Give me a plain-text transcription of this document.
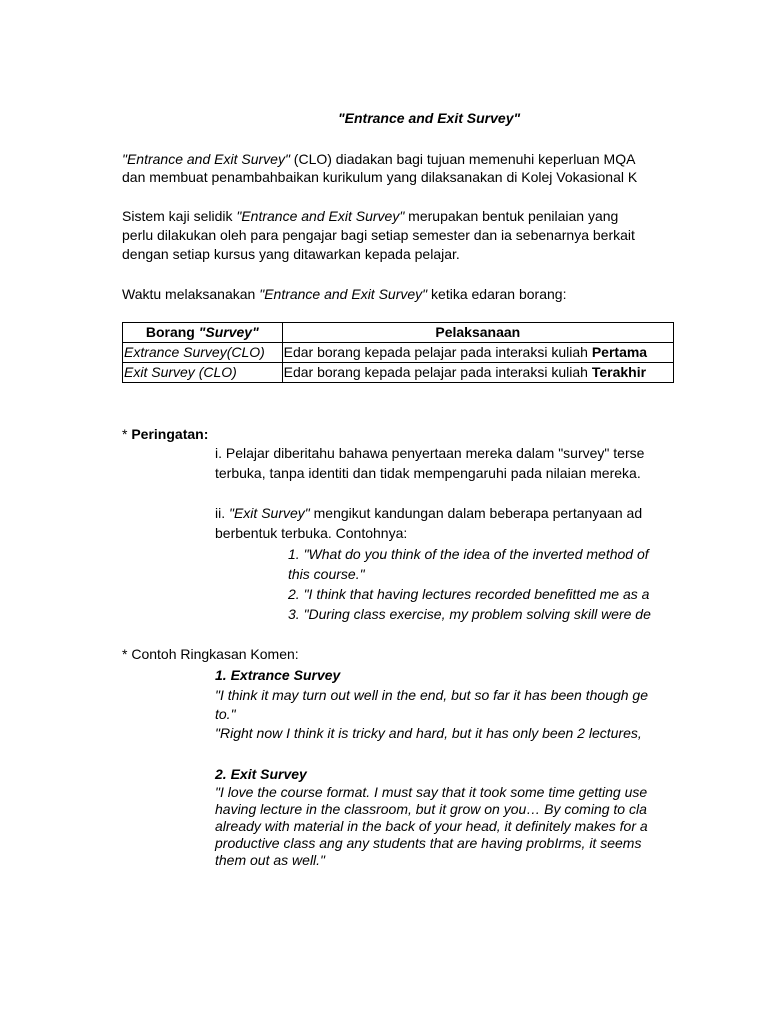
"Entrance and Exit Survey"
"Entrance and Exit Survey" (CLO) diadakan bagi tujuan memenuhi keperluan MQA
dan membuat penambahbaikan kurikulum yang dilaksanakan di Kolej Vokasional K
Sistem kaji selidik "Entrance and Exit Survey" merupakan bentuk penilaian yang
perlu dilakukan oleh para pengajar bagi setiap semester dan ia sebenarnya berkait
dengan setiap kursus yang ditawarkan kepada pelajar.
Waktu melaksanakan "Entrance and Exit Survey" ketika edaran borang:
Borang "Survey"	Pelaksanaan
Extrance Survey(CLO)	Edar borang kepada pelajar pada interaksi kuliah Pertama
Exit Survey (CLO)	Edar borang kepada pelajar pada interaksi kuliah Terakhir
* Peringatan:
i. Pelajar diberitahu bahawa penyertaan mereka dalam "survey" terse
terbuka, tanpa identiti dan tidak mempengaruhi pada nilaian mereka.
ii. "Exit Survey" mengikut kandungan dalam beberapa pertanyaan ad
berbentuk terbuka. Contohnya:
1. "What do you think of the idea of the inverted method of
this course."
2. "I think that having lectures recorded benefitted me as a
3. "During class exercise, my problem solving skill were de
* Contoh Ringkasan Komen:
1. Extrance Survey
"I think it may turn out well in the end, but so far it has been though ge
to."
"Right now I think it is tricky and hard, but it has only been 2 lectures,
2. Exit Survey
"I love the course format. I must say that it took some time getting use
having lecture in the classroom, but it grow on you… By coming to cla
already with material in the back of your head, it definitely makes for a
productive class ang any students that are having probIrms, it seems
them out as well."
